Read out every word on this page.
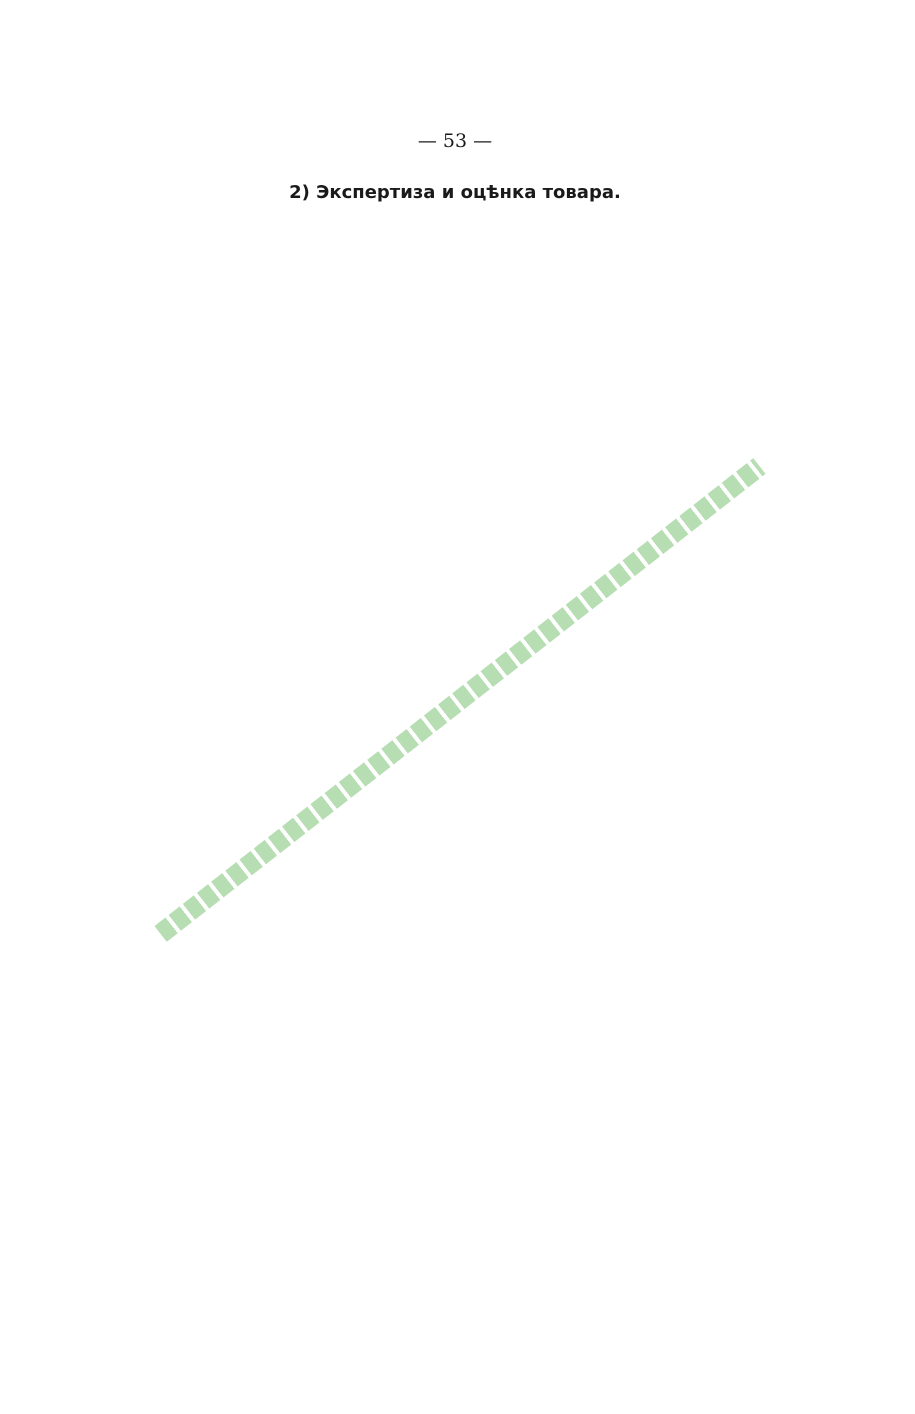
— 53 —
2) Экспертиза и оцѣнка товара.
